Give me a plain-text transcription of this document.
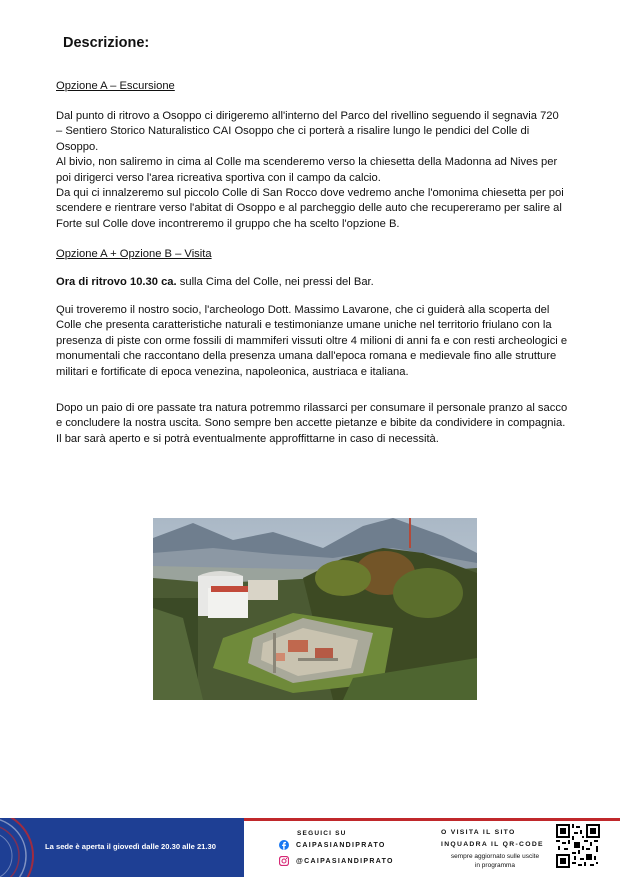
Descrizione:

Opzione A – Escursione

Dal punto di ritrovo a Osoppo ci dirigeremo all'interno del Parco del rivellino seguendo il segnavia 720 – Sentiero Storico Naturalistico CAI Osoppo che ci porterà a risalire lungo le pendici del Colle di Osoppo.
Al bivio, non saliremo in cima al Colle ma scenderemo verso la chiesetta della Madonna ad Nives per poi dirigerci verso l'area ricreativa sportiva con il campo da calcio.
Da qui ci innalzeremo sul piccolo Colle di San Rocco dove vedremo anche l'omonima chiesetta per poi scendere e rientrare verso l'abitat di Osoppo e al parcheggio delle auto che recupereramo per salire al Forte sul Colle dove incontreremo il gruppo che ha scelto l'opzione B.

Opzione A + Opzione B – Visita

Ora di ritrovo 10.30 ca. sulla Cima del Colle, nei pressi del Bar.

Qui troveremo il nostro socio, l'archeologo Dott. Massimo Lavarone, che ci guiderà alla scoperta del Colle che presenta caratteristiche naturali e testimonianze umane uniche nel territorio friulano con la presenza di piste con orme fossili di mammiferi vissuti oltre 4 milioni di anni fa e con resti archeologici e monumentali che raccontano della presenza umana dall'epoca romana e medievale fino alle strutture militari e fortificate di epoca venezina, napoleonica, austriaca e italiana.

Dopo un paio di ore passate tra natura potremmo rilassarci per consumare il personale pranzo al sacco e concludere la nostra uscita. Sono sempre ben accette pietanze e bibite da condividere in compagnia.
Il bar sarà aperto e si potrà eventualmente approffittarne in caso di necessità.

La sede è aperta il giovedì dalle 20.30 alle 21.30
SEGUICI SU
CAIPASIANDIPRATO
@CAIPASIANDIPRATO
O VISITA IL SITO
INQUADRA IL QR-CODE
sempre aggiornato sulle uscite
in programma
